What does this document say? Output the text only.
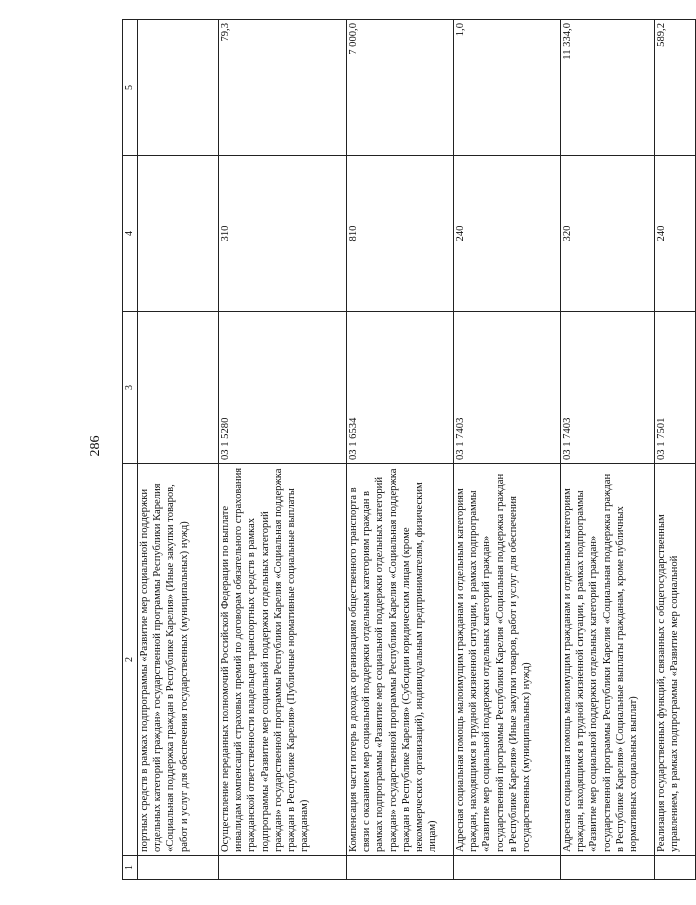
286
1	2	3	4	5
	портных средств в рамках подпрограммы «Развитие мер социальной поддержки отдельных категорий граждан» государственной программы Республики Карелия «Социальная поддержка граждан в Республике Карелия» (Иные закупки товаров, работ и услуг для обеспечения государственных (муниципальных) нужд)			
	Осуществление переданных полномочий Российской Федерации по выплате инвалидам компенсаций страховых премий по договорам обязательного страхования гражданской ответственности владельцев транспортных средств в рамках подпрограммы «Развитие мер социальной поддержки отдельных категорий граждан» государственной программы Республики Карелия «Социальная поддержка граждан в Республике Карелия» (Публичные нормативные социальные выплаты гражданам)	03 1 5280	310	79,3
	Компенсация части потерь в доходах организациям общественного транспорта в связи с оказанием мер социальной поддержки отдельным категориям граждан в рамках подпрограммы «Развитие мер социальной поддержки отдельных категорий граждан» государственной программы Республики Карелия «Социальная поддержка граждан в Республике Карелия» (Субсидии юридическим лицам (кроме некоммерческих организаций), индивидуальным предпринимателям, физическим лицам)	03 1 6534	810	7 000,0
	Адресная социальная помощь малоимущим гражданам и отдельным категориям граждан, находящимся в трудной жизненной ситуации, в рамках подпрограммы «Развитие мер социальной поддержки отдельных категорий граждан» государственной программы Республики Карелия «Социальная поддержка граждан в Республике Карелия» (Иные закупки товаров, работ и услуг для обеспечения государственных (муниципальных) нужд)	03 1 7403	240	1,0
	Адресная социальная помощь малоимущим гражданам и отдельным категориям граждан, находящимся в трудной жизненной ситуации, в рамках подпрограммы «Развитие мер социальной поддержки отдельных категорий граждан» государственной программы Республики Карелия «Социальная поддержка граждан в Республике Карелия» (Социальные выплаты гражданам, кроме публичных нормативных социальных выплат)	03 1 7403	320	11 334,0
	Реализация государственных функций, связанных с общегосударственным управлением, в рамках подпрограммы «Развитие мер социальной	03 1 7501	240	589,2
